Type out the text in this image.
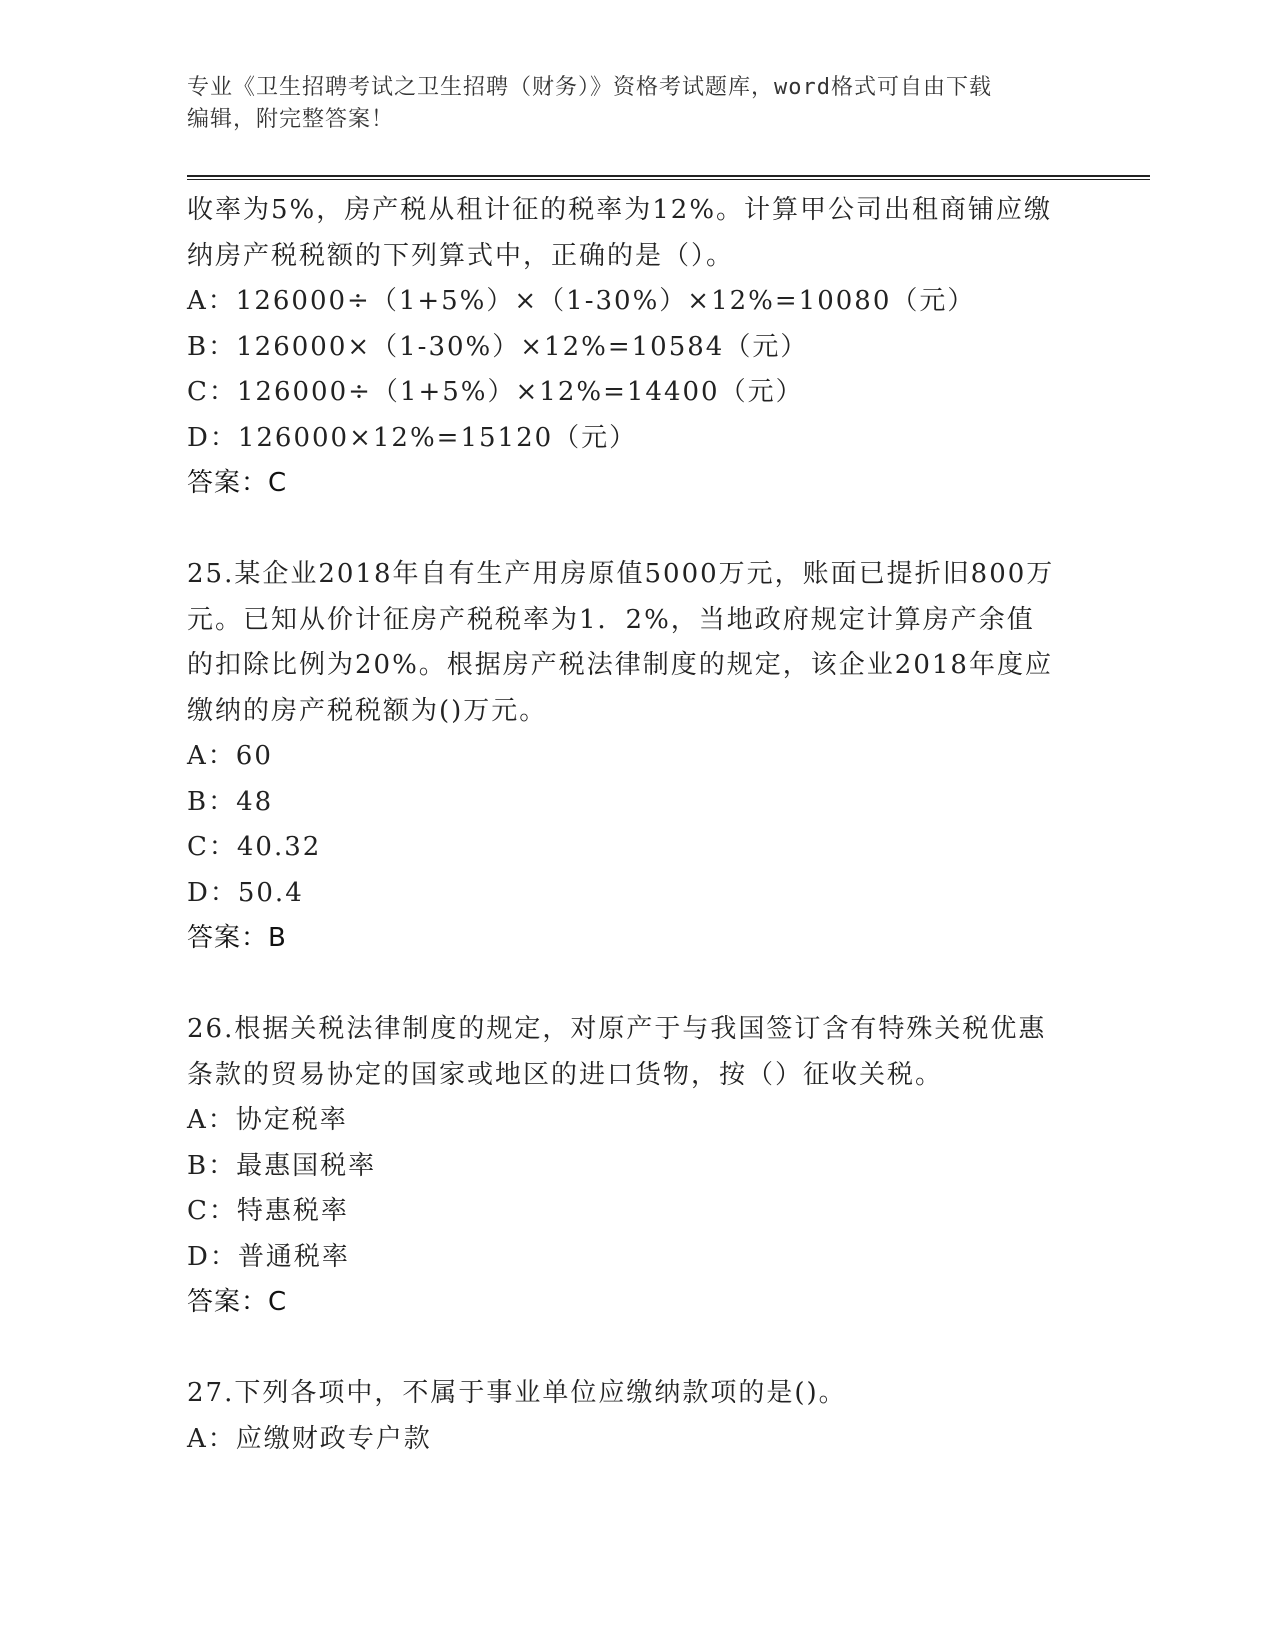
专业《卫生招聘考试之卫生招聘（财务）》资格考试题库，word格式可自由下载
编辑，附完整答案！
收率为5%，房产税从租计征的税率为12%。计算甲公司出租商铺应缴
纳房产税税额的下列算式中，正确的是（）。
A：126000÷（1+5%）×（1-30%）×12%=10080（元）
B：126000×（1-30%）×12%=10584（元）
C：126000÷（1+5%）×12%=14400（元）
D：126000×12%=15120（元）
答案：C
25.某企业2018年自有生产用房原值5000万元，账面已提折旧800万
元。已知从价计征房产税税率为1．2%，当地政府规定计算房产余值
的扣除比例为20%。根据房产税法律制度的规定，该企业2018年度应
缴纳的房产税税额为()万元。
A：60
B：48
C：40.32
D：50.4
答案：B
26.根据关税法律制度的规定，对原产于与我国签订含有特殊关税优惠
条款的贸易协定的国家或地区的进口货物，按（）征收关税。
A：协定税率
B：最惠国税率
C：特惠税率
D：普通税率
答案：C
27.下列各项中，不属于事业单位应缴纳款项的是()。
A：应缴财政专户款
